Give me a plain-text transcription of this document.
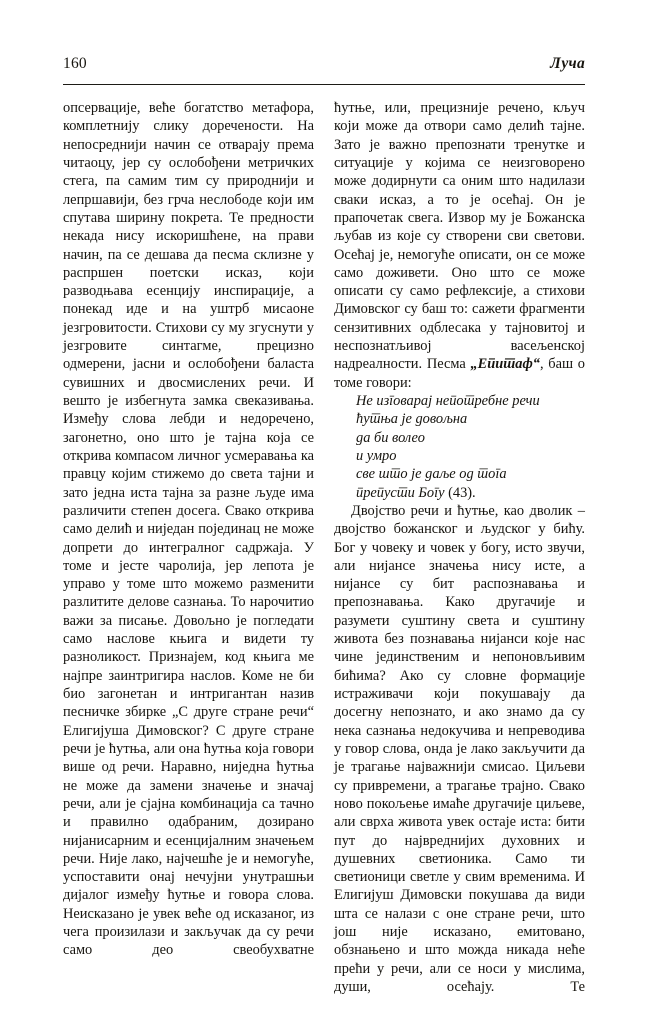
160	Луча

опсервације, веће богатство метафора, комплетнију слику доречености. На непосреднији начин се отварају према читаоцу, јер су ослобођени метричких стега, па самим тим су природнији и лепршавији, без грча неслободе који им спутава ширину покрета. Те предности некада нису искоришћене, на прави начин, па се дешава да песма склизне у распршен поетски исказ, који разводњава есенцију инспирације, а понекад иде и на уштрб мисаоне језгровитости. Стихови су му згуснути у језгровите синтагме, прецизно одмерени, јасни и ослобођени баласта сувишних и двосмислених речи. И вешто је избегнута замка свеказивања. Између слова лебди и недоречено, загонетно, оно што је тајна која се открива компасом личног усмеравања ка правцу којим стижемо до света тајни и зато једна иста тајна за разне људе има различити степен досега. Свако открива само делић и ниједан појединац не може допрети до интегралног садржаја. У томе и јесте чаролија, јер лепота је управо у томе што можемо разменити разлитите делове сазнања. То нарочитио важи за писање. Довољно је погледати само наслове књига и видети ту разноликост. Признајем, код књига ме најпре заинтригира наслов. Коме не би био загонетан и интригантан назив песничке збирке „С друге стране речи“ Елигијуша Димовског? С друге стране речи је ћутња, али она ћутња која говори више од речи. Наравно, ниједна ћутња не може да замени значење и значај речи, али је сјајна комбинација са тачно и правилно одабраним, дозирано нијанисарним и есенцијалним значењем речи. Није лако, најчешће је и немогуће, успоставити онај нечујни унутрашњи дијалог између ћутње и говора слова. Неисказано је увек веће од исказаног, из чега произилази и закључак да су речи само део свеобухватне

ћутње, или, прецизније речено, кључ који може да отвори само делић тајне. Зато је важно препознати тренутке и ситуације у којима се неизговорено може додирнути са оним што надилази сваки исказ, а то је осећај. Он је прапочетак свега. Извор му је Божанска љубав из које су створени сви светови. Осећај је, немогуће описати, он се може само доживети. Оно што се може описати су само рефлексије, а стихови Димовског су баш то: сажети фрагменти сензитивних одблесака у тајновитој и неспознатљивој васељенској надреалности. Песма „Епитаф“, баш о томе говори:

Не изговарај непотребне речи
ћутња је довољна
да би волео
и умро
све што је даље од тога
препусти Богу (43).

Двојство речи и ћутње, као дволик – двојство божанског и људског у бићу. Бог у човеку и човек у богу, исто звучи, али нијансе значења нису исте, а нијансе су бит распознавања и препознавања. Како другачије и разумети суштину света и суштину живота без познавања нијанси које нас чине јединственим и непоновљивим бићима? Ако су словне формације истраживачи који покушавају да досегну непознато, и ако знамо да су нека сазнања недокучива и непреводива у говор слова, онда је лако закључити да је трагање најважнији смисао. Циљеви су привремени, а трагање трајно. Свако ново покољење имаће другачије циљеве, али сврха живота увек остаје иста: бити пут до највреднијих духовних и душевних светионика. Само ти светионици светле у свим временима. И Елигијуш Димовски покушава да види шта се налази с оне стране речи, што још није исказано, емитовано, обзнањено и што можда никада неће прећи у речи, али се носи у мислима, души, осећају. Те
